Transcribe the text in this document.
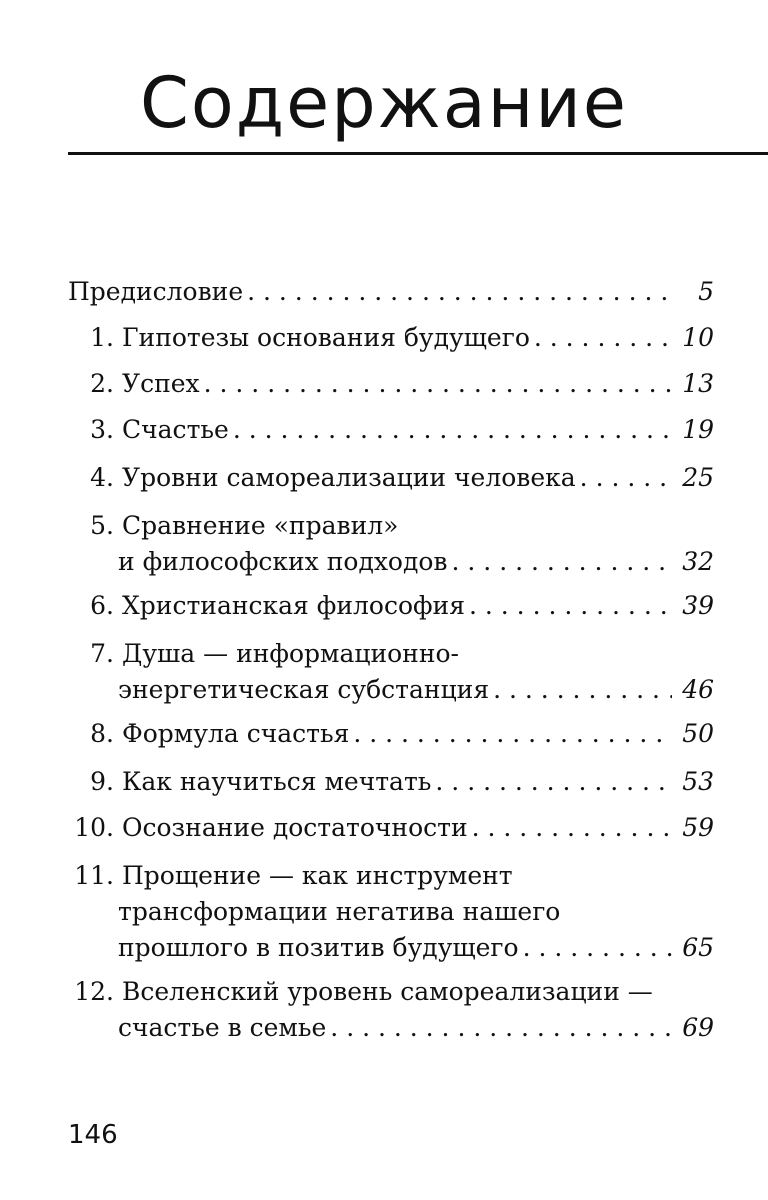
Содержание
Предисловие . . .	5
1. Гипотезы основания будущего . . .	10
2. Успех . . .	13
3. Счастье . . .	19
4. Уровни самореализации человека . . .	25
5. Сравнение «правил»
и философских подходов . . .	32
6. Христианская философия . . .	39
7. Душа — информационно-
энергетическая субстанция . . .	46
8. Формула счастья . . .	50
9. Как научиться мечтать . . .	53
10. Осознание достаточности . . .	59
11. Прощение — как инструмент
трансформации негатива нашего
прошлого в позитив будущего . . .	65
12. Вселенский уровень самореализации —
счастье в семье . . .	69
146
